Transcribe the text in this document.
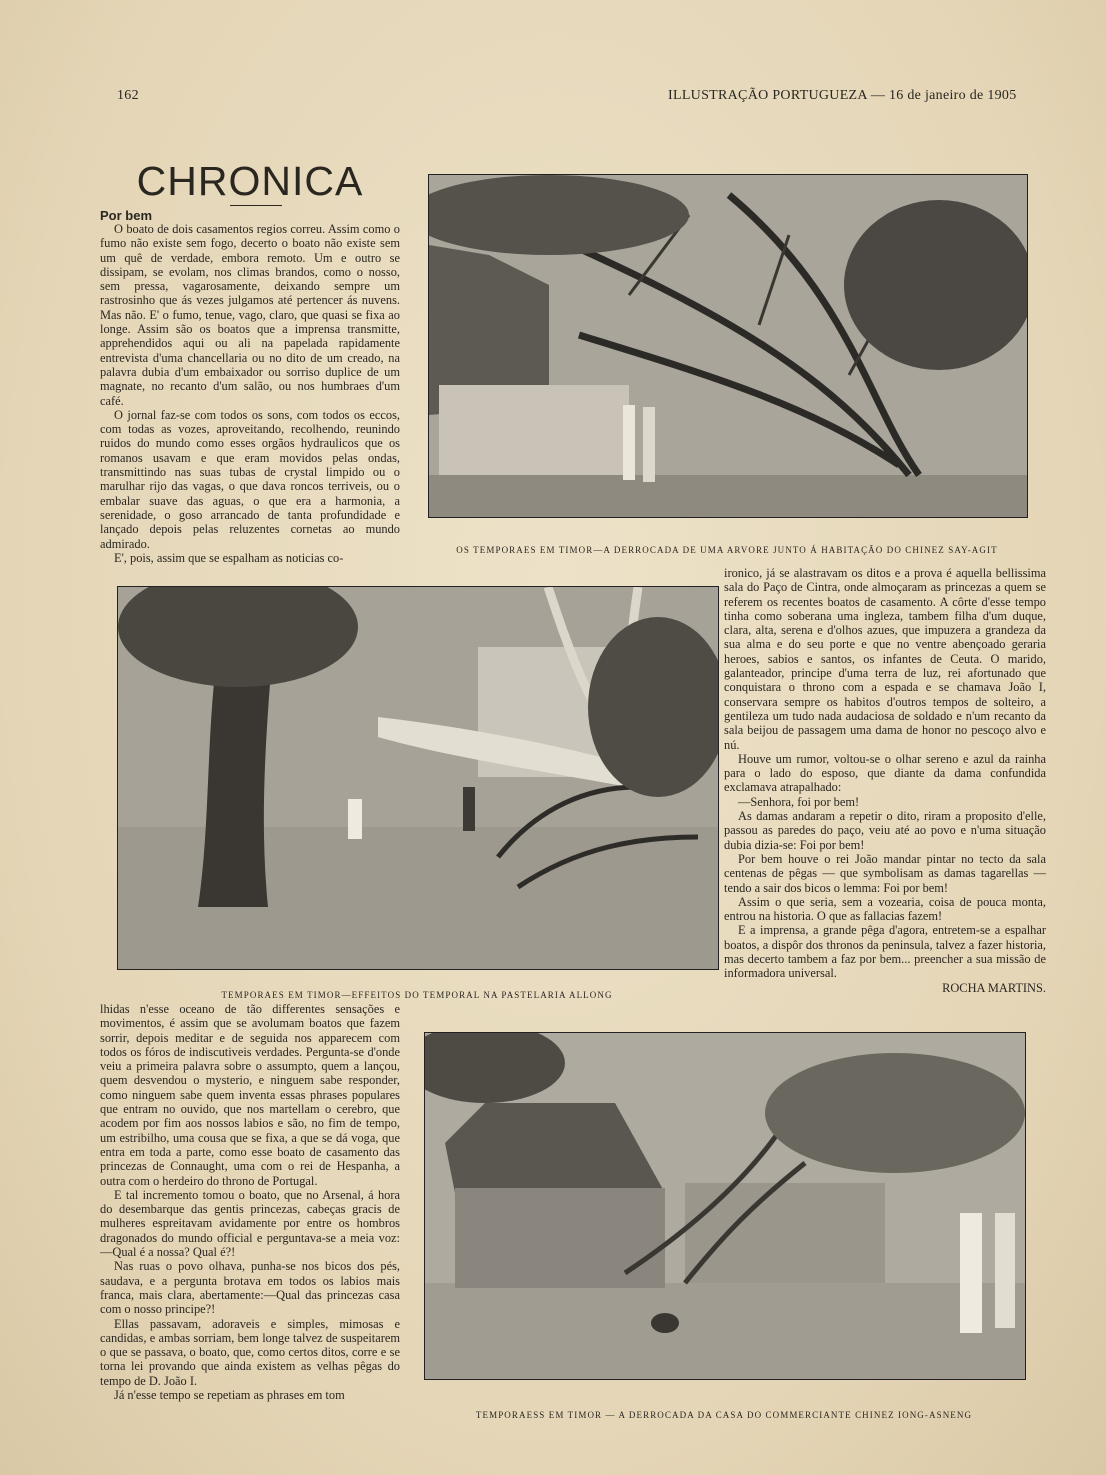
162	ILLUSTRAÇÃO PORTUGUEZA — 16 de janeiro de 1905
CHRONICA
Por bem

O boato de dois casamentos regios correu. Assim como o fumo não existe sem fogo, decerto o boato não existe sem um quê de verdade, embora remoto. Um e outro se dissipam, se evolam, nos climas brandos, como o nosso, sem pressa, vagarosamente, deixando sempre um rastrosinho que ás vezes julgamos até pertencer ás nuvens. Mas não. E' o fumo, tenue, vago, claro, que quasi se fixa ao longe. Assim são os boatos que a imprensa transmitte, apprehendidos aqui ou ali na papelada rapidamente entrevista d'uma chancellaria ou no dito de um creado, na palavra dubia d'um embaixador ou sorriso duplice de um magnate, no recanto d'um salão, ou nos humbraes d'um café.

O jornal faz-se com todos os sons, com todos os eccos, com todas as vozes, aproveitando, recolhendo, reunindo ruidos do mundo como esses orgãos hydraulicos que os romanos usavam e que eram movidos pelas ondas, transmittindo nas suas tubas de crystal limpido ou o marulhar rijo das vagas, o que dava roncos terriveis, ou o embalar suave das aguas, o que era a harmonia, a serenidade, o goso arrancado de tanta profundidade e lançado depois pelas reluzentes cornetas ao mundo admirado.

E', pois, assim que se espalham as noticias co-

OS TEMPORAES EM TIMOR—A DERROCADA DE UMA ARVORE JUNTO Á HABITAÇÃO DO CHINEZ SAY-AGIT
TEMPORAES EM TIMOR—EFFEITOS DO TEMPORAL NA PASTELARIA ALLONG

ironico, já se alastravam os ditos e a prova é aquella bellissima sala do Paço de Cintra, onde almoçaram as princezas a quem se referem os recentes boatos de casamento. A côrte d'esse tempo tinha como soberana uma ingleza, tambem filha d'um duque, clara, alta, serena e d'olhos azues, que impuzera a grandeza da sua alma e do seu porte e que no ventre abençoado geraria heroes, sabios e santos, os infantes de Ceuta. O marido, galanteador, principe d'uma terra de luz, rei afortunado que conquistara o throno com a espada e se chamava João I, conservara sempre os habitos d'outros tempos de solteiro, a gentileza um tudo nada audaciosa de soldado e n'um recanto da sala beijou de passagem uma dama de honor no pescoço alvo e nú.

Houve um rumor, voltou-se o olhar sereno e azul da rainha para o lado do esposo, que diante da dama confundida exclamava atrapalhado:

—Senhora, foi por bem!

As damas andaram a repetir o dito, riram a proposito d'elle, passou as paredes do paço, veiu até ao povo e n'uma situação dubia dizia-se: Foi por bem!

Por bem houve o rei João mandar pintar no tecto da sala centenas de pêgas — que symbolisam as damas tagarellas — tendo a sair dos bicos o lemma: Foi por bem!

Assim o que seria, sem a vozearia, coisa de pouca monta, entrou na historia. O que as fallacias fazem!

E a imprensa, a grande pêga d'agora, entretem-se a espalhar boatos, a dispôr dos thronos da peninsula, talvez a fazer historia, mas decerto tambem a faz por bem... preencher a sua missão de informadora universal.

ROCHA MARTINS.

lhidas n'esse oceano de tão differentes sensações e movimentos, é assim que se avolumam boatos que fazem sorrir, depois meditar e de seguida nos apparecem com todos os fóros de indiscutiveis verdades. Pergunta-se d'onde veiu a primeira palavra sobre o assumpto, quem a lançou, quem desvendou o mysterio, e ninguem sabe responder, como ninguem sabe quem inventa essas phrases populares que entram no ouvido, que nos martellam o cerebro, que acodem por fim aos nossos labios e são, no fim de tempo, um estribilho, uma cousa que se fixa, a que se dá voga, que entra em toda a parte, como esse boato de casamento das princezas de Connaught, uma com o rei de Hespanha, a outra com o herdeiro do throno de Portugal.

E tal incremento tomou o boato, que no Arsenal, á hora do desembarque das gentis princezas, cabeças gracis de mulheres espreitavam avidamente por entre os hombros dragonados do mundo official e perguntava-se a meia voz:—Qual é a nossa? Qual é?!

Nas ruas o povo olhava, punha-se nos bicos dos pés, saudava, e a pergunta brotava em todos os labios mais franca, mais clara, abertamente:—Qual das princezas casa com o nosso principe?!

Ellas passavam, adoraveis e simples, mimosas e candidas, e ambas sorriam, bem longe talvez de suspeitarem o que se passava, o boato, que, como certos ditos, corre e se torna lei provando que ainda existem as velhas pêgas do tempo de D. João I.

Já n'esse tempo se repetiam as phrases em tom

TEMPORAESS EM TIMOR — A DERROCADA DA CASA DO COMMERCIANTE CHINEZ IONG-ASNENG
